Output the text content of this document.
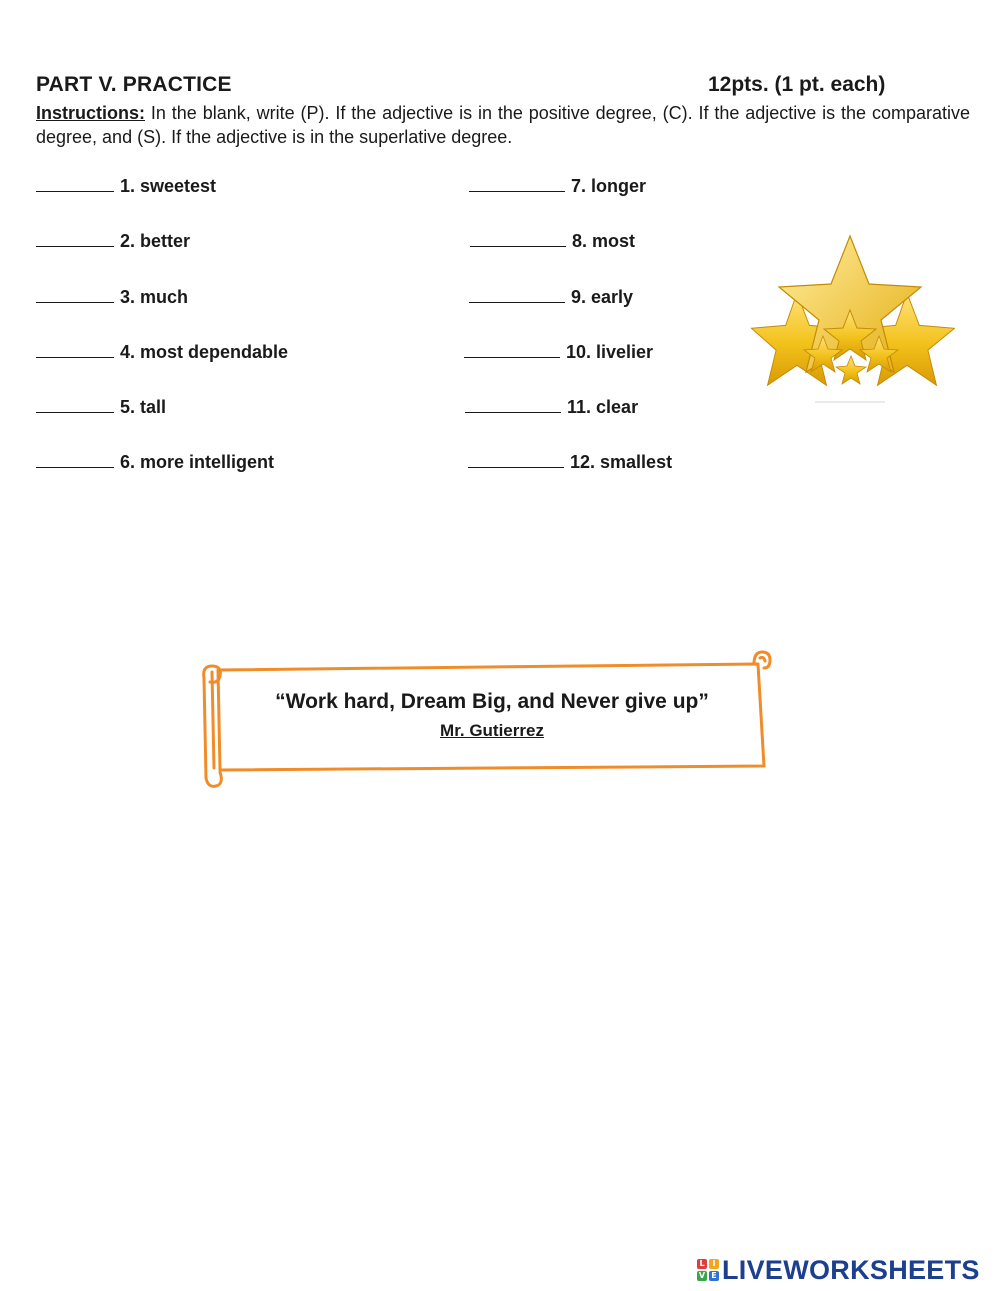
PART V. PRACTICE	12pts. (1 pt. each)
Instructions: In the blank, write (P). If the adjective is in the positive degree, (C). If the adjective is the comparative degree, and (S). If the adjective is in the superlative degree.
1. sweetest
2. better
3. much
4. most dependable
5. tall
6. more intelligent
7. longer
8. most
9. early
10. livelier
11. clear
12. smallest
“Work hard, Dream Big, and Never give up”
Mr. Gutierrez
L I
V E LIVEWORKSHEETS
